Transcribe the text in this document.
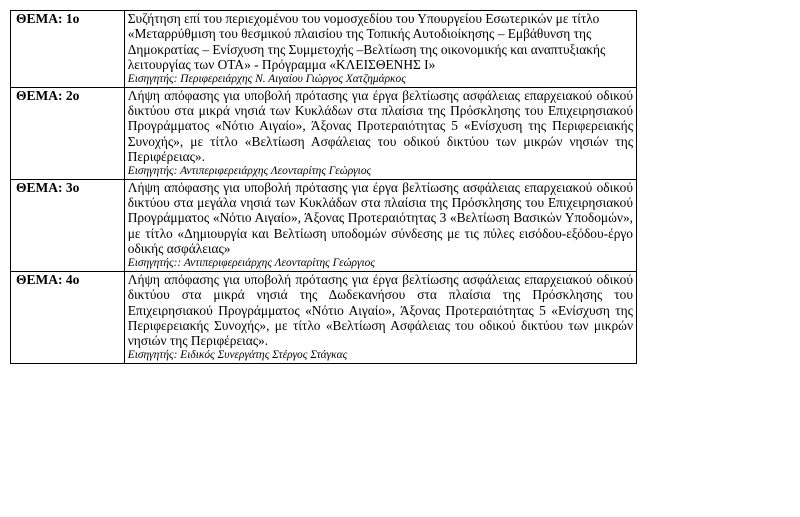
ΘΕΜΑ: 1ο	Συζήτηση επί του περιεχομένου του νομοσχεδίου του Υπουργείου Εσωτερικών με τίτλο «Μεταρρύθμιση του θεσμικού πλαισίου της Τοπικής Αυτοδιοίκησης – Εμβάθυνση της Δημοκρατίας – Ενίσχυση της Συμμετοχής –Βελτίωση της οικονομικής και αναπτυξιακής λειτουργίας των ΟΤΑ» - Πρόγραμμα «ΚΛΕΙΣΘΕΝΗΣ Ι»
Εισηγητής: Περιφερειάρχης Ν. Αιγαίου Γιώργος Χατζημάρκος

ΘΕΜΑ: 2ο	Λήψη απόφασης για υποβολή πρότασης για έργα βελτίωσης ασφάλειας επαρχειακού οδικού δικτύου στα μικρά νησιά των Κυκλάδων στα πλαίσια της Πρόσκλησης του Επιχειρησιακού Προγράμματος «Νότιο Αιγαίο», Άξονας Προτεραιότητας 5 «Ενίσχυση της Περιφερειακής Συνοχής», με τίτλο «Βελτίωση Ασφάλειας του οδικού δικτύου των μικρών νησιών της Περιφέρειας».
Εισηγητής: Αντιπεριφερειάρχης Λεονταρίτης Γεώργιος

ΘΕΜΑ: 3ο	Λήψη απόφασης για υποβολή πρότασης για έργα βελτίωσης ασφάλειας επαρχειακού οδικού δικτύου στα μεγάλα νησιά των Κυκλάδων στα πλαίσια της Πρόσκλησης του Επιχειρησιακού Προγράμματος «Νότιο Αιγαίο», Άξονας Προτεραιότητας 3 «Βελτίωση Βασικών Υποδομών», με τίτλο «Δημιουργία και Βελτίωση υποδομών σύνδεσης με τις πύλες εισόδου-εξόδου-έργο οδικής ασφάλειας»
Εισηγητής:: Αντιπεριφερειάρχης Λεονταρίτης Γεώργιος

ΘΕΜΑ: 4ο	Λήψη απόφασης για υποβολή πρότασης για έργα βελτίωσης ασφάλειας επαρχειακού οδικού δικτύου στα μικρά νησιά της Δωδεκανήσου στα πλαίσια της Πρόσκλησης του Επιχειρησιακού Προγράμματος «Νότιο Αιγαίο», Άξονας Προτεραιότητας 5 «Ενίσχυση της Περιφερειακής Συνοχής», με τίτλο «Βελτίωση Ασφάλειας του οδικού δικτύου των μικρών νησιών της Περιφέρειας».
Εισηγητής: Ειδικός Συνεργάτης Στέργος Στάγκας
